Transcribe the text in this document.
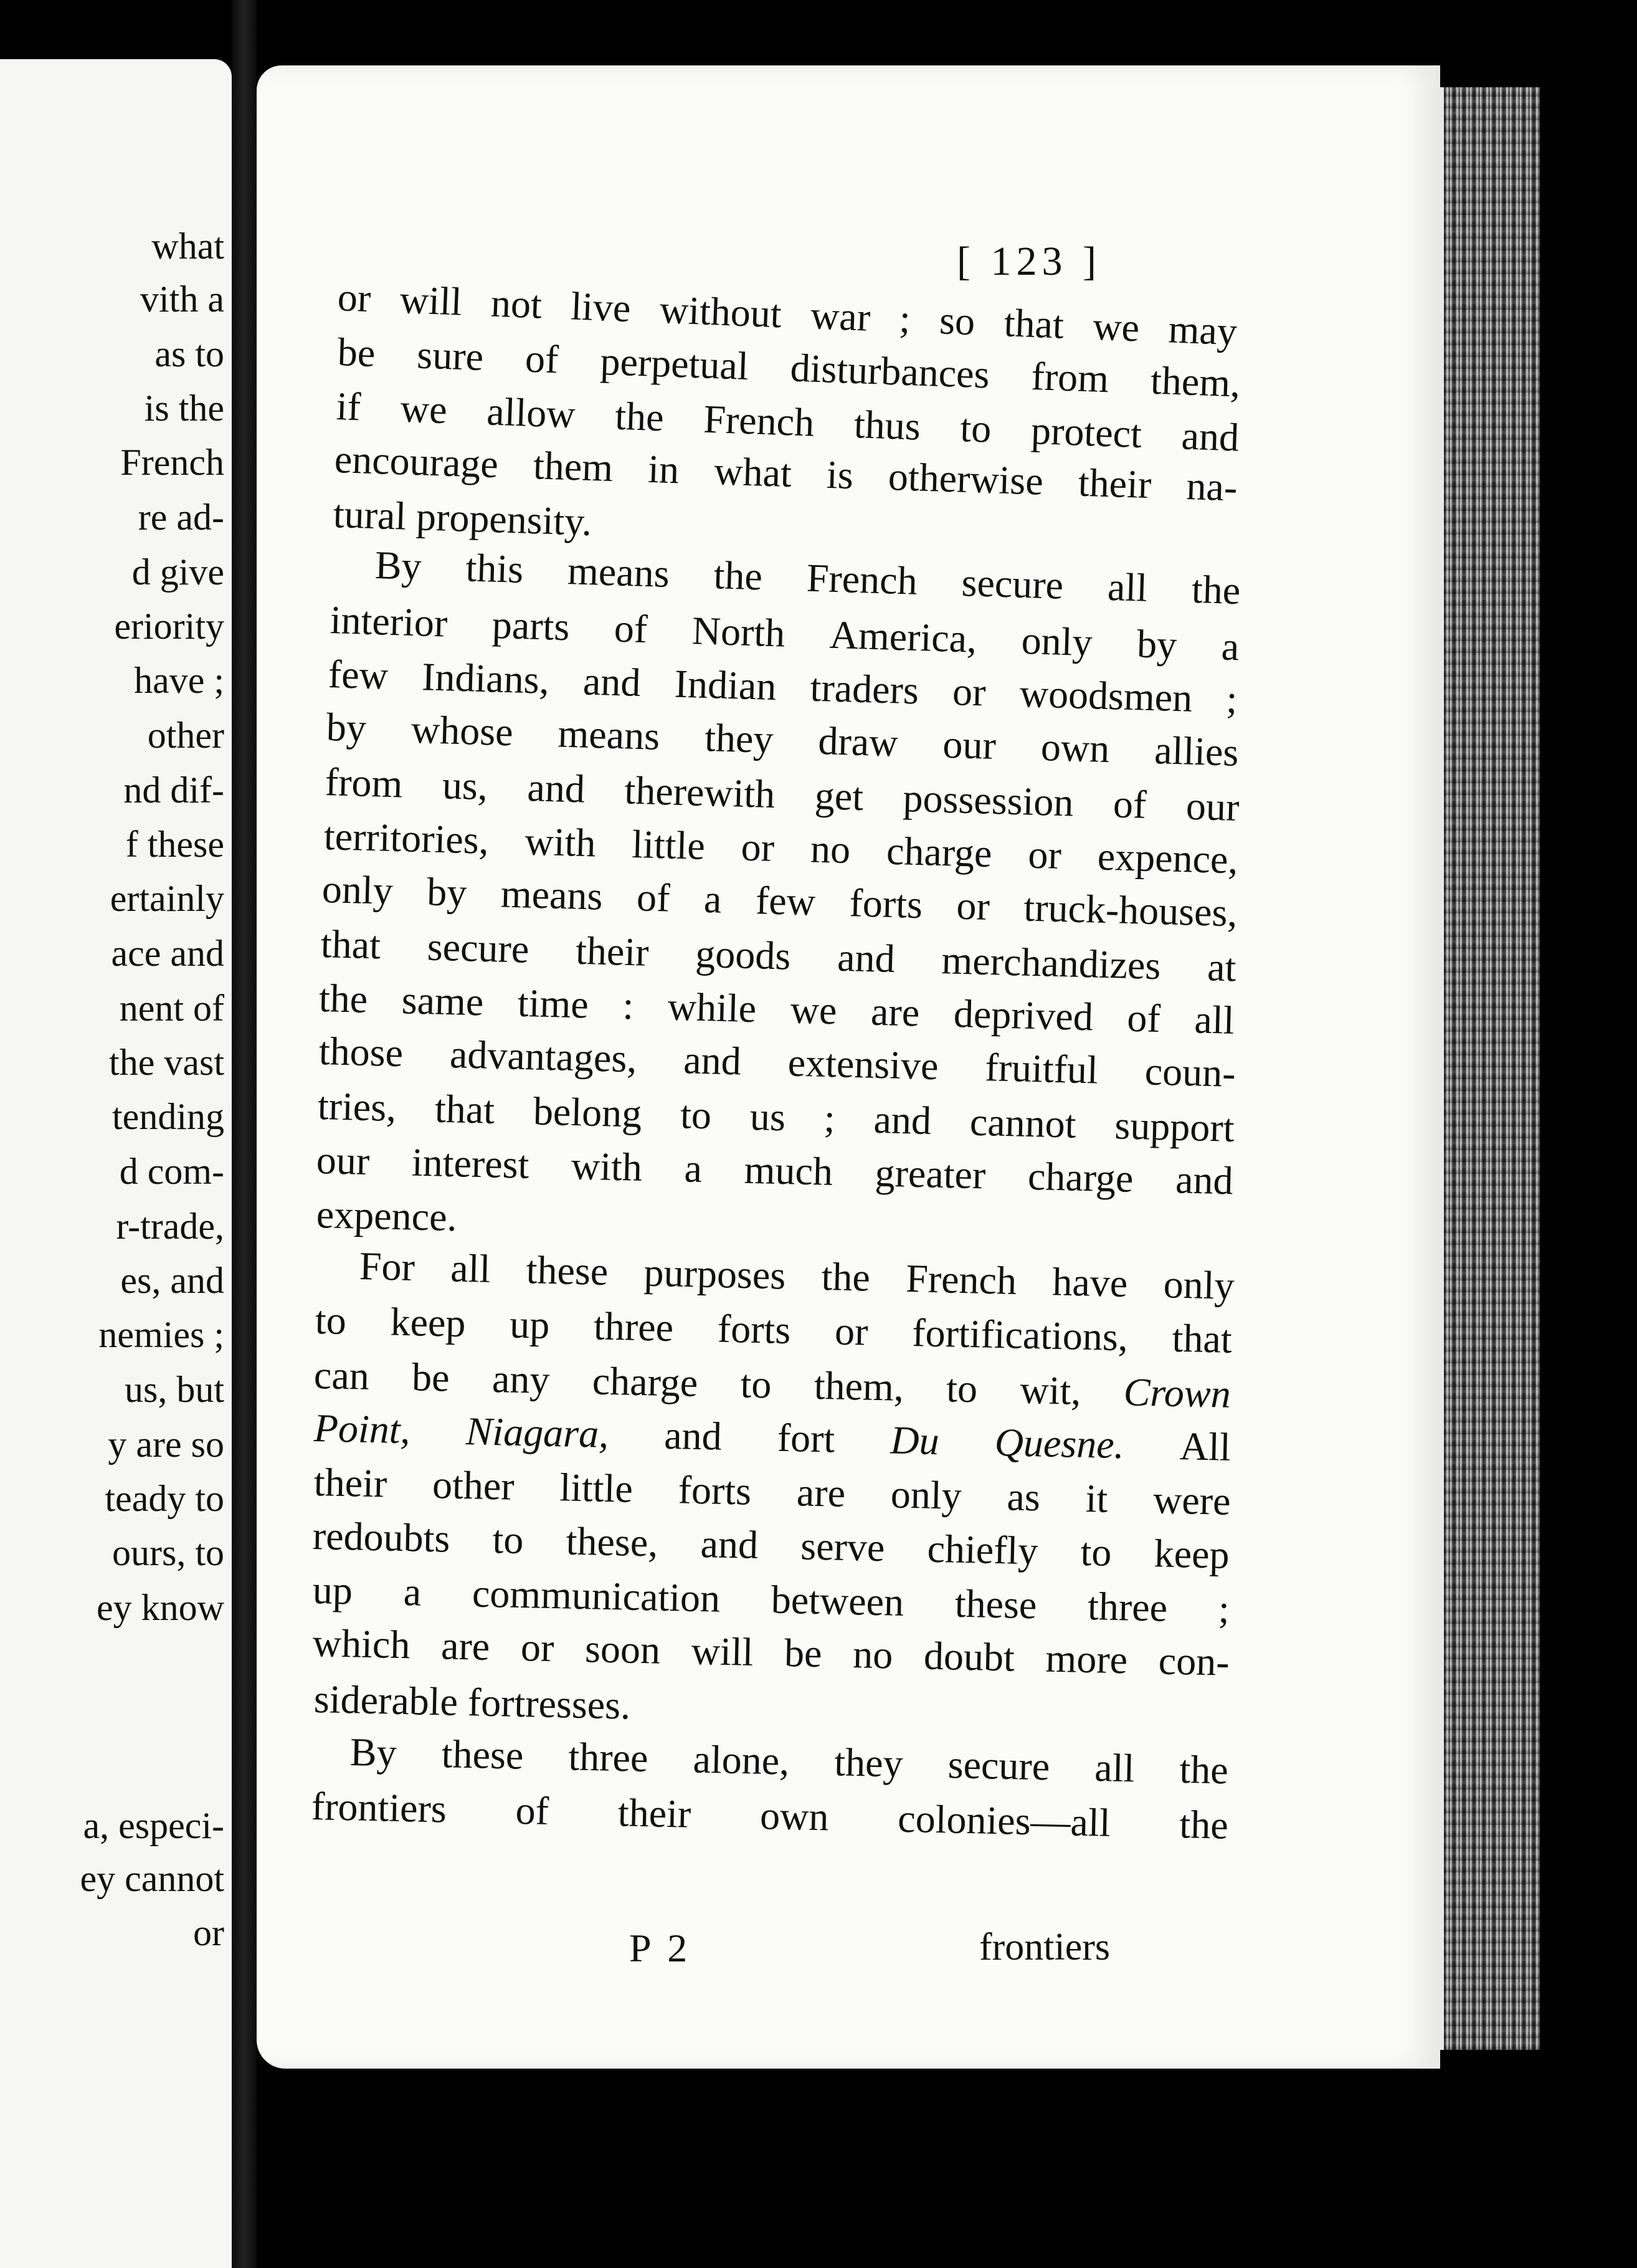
what
vith a
as to
is the
French
re ad-
d give
eriority
have ;
other
nd dif-
f these
ertainly
ace and
nent of
the vast
tending
d com-
r-trade,
es, and
nemies ;
us, but
y are so
teady to
ours, to
ey know
a, especi-
ey cannot
or
[ 123 ]
or will not live without war ; so that we may
be sure of perpetual disturbances from them,
if we allow the French thus to protect and
encourage them in what is otherwise their na-
tural propensity.
By this means the French secure all the
interior parts of North America, only by a
few Indians, and Indian traders or woodsmen ;
by whose means they draw our own allies
from us, and therewith get possession of our
territories, with little or no charge or expence,
only by means of a few forts or truck-houses,
that secure their goods and merchandizes at
the same time : while we are deprived of all
those advantages, and extensive fruitful coun-
tries, that belong to us ; and cannot support
our interest with a much greater charge and
expence.
For all these purposes the French have only
to keep up three forts or fortifications, that
can be any charge to them, to wit, Crown
Point, Niagara, and fort Du Quesne. All
their other little forts are only as it were
redoubts to these, and serve chiefly to keep
up a communication between these three ;
which are or soon will be no doubt more con-
siderable fortresses.
By these three alone, they secure all the
frontiers of their own colonies—all the
P 2	frontiers
